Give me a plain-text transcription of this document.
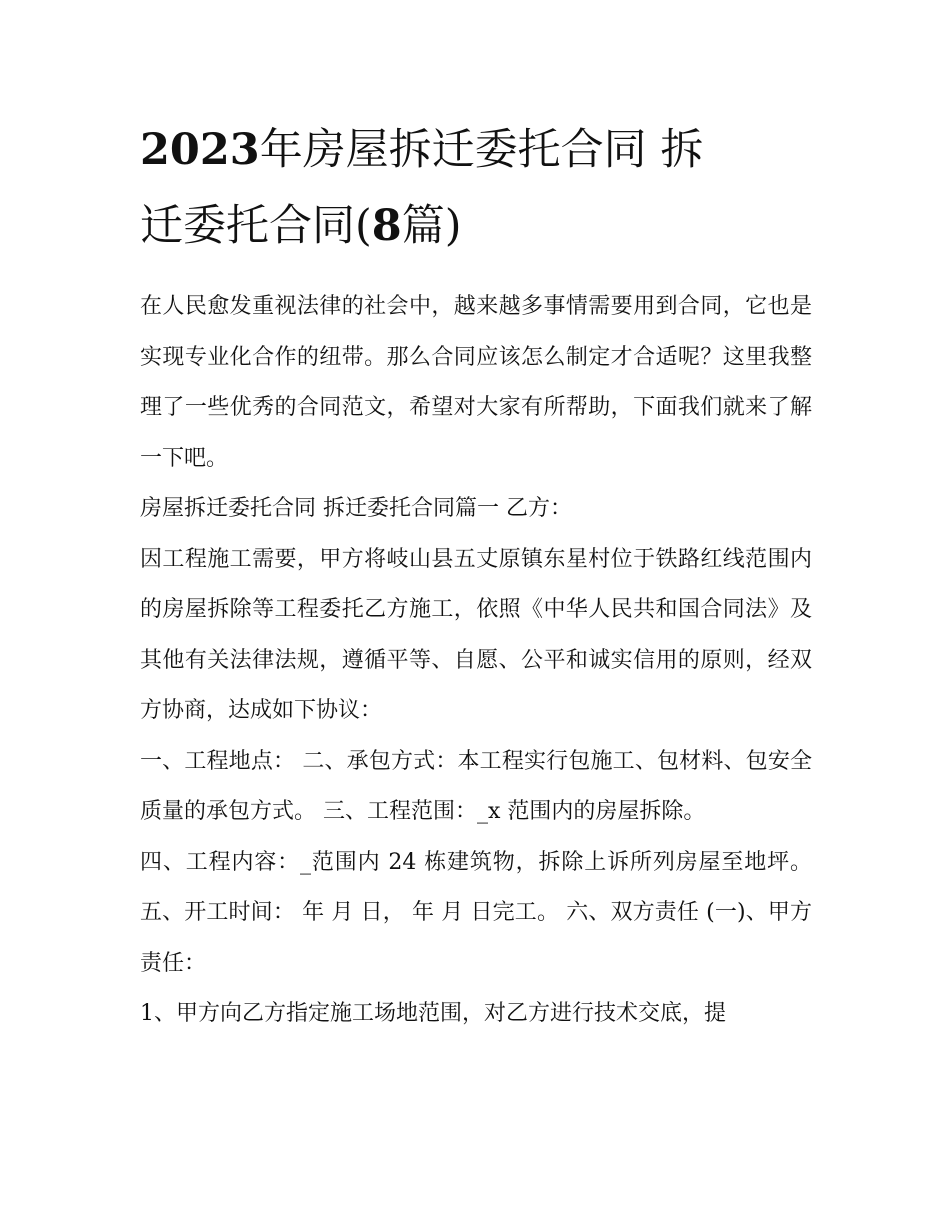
2023年房屋拆迁委托合同 拆
迁委托合同(8篇)

在人民愈发重视法律的社会中，越来越多事情需要用到合同，它也是实现专业化合作的纽带。那么合同应该怎么制定才合适呢？这里我整理了一些优秀的合同范文，希望对大家有所帮助，下面我们就来了解一下吧。

房屋拆迁委托合同 拆迁委托合同篇一 乙方：

因工程施工需要，甲方将岐山县五丈原镇东星村位于铁路红线范围内的房屋拆除等工程委托乙方施工，依照《中华人民共和国合同法》及其他有关法律法规，遵循平等、自愿、公平和诚实信用的原则，经双方协商，达成如下协议：

一、工程地点： 二、承包方式：本工程实行包施工、包材料、包安全质量的承包方式。 三、工程范围：_x 范围内的房屋拆除。

四、工程内容：_范围内 24 栋建筑物，拆除上诉所列房屋至地坪。 五、开工时间： 年 月 日， 年 月 日完工。 六、双方责任 (一)、甲方责任：

1、甲方向乙方指定施工场地范围，对乙方进行技术交底，提
